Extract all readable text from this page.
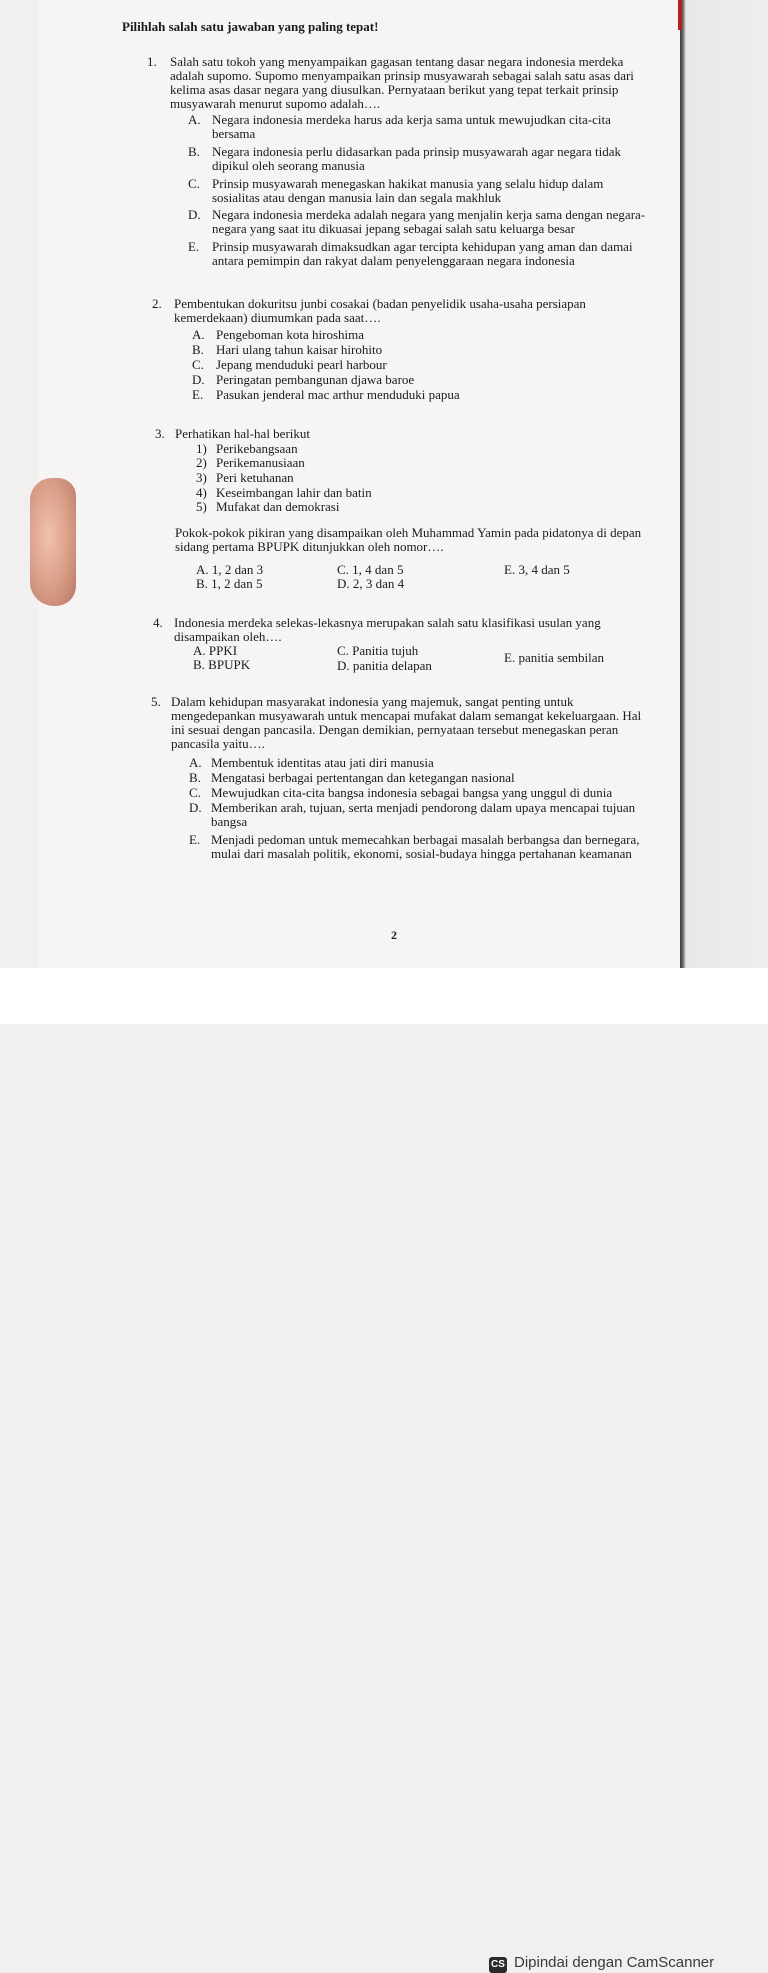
Pilihlah salah satu jawaban yang paling tepat!
1. Salah satu tokoh yang menyampaikan gagasan tentang dasar negara indonesia merdeka
adalah supomo. Supomo menyampaikan prinsip musyawarah sebagai salah satu asas dari
kelima asas dasar negara yang diusulkan. Pernyataan berikut yang tepat terkait prinsip
musyawarah menurut supomo adalah….
A. Negara indonesia merdeka harus ada kerja sama untuk mewujudkan cita-cita
bersama
B. Negara indonesia perlu didasarkan pada prinsip musyawarah agar negara tidak
dipikul oleh seorang manusia
C. Prinsip musyawarah menegaskan hakikat manusia yang selalu hidup dalam
sosialitas atau dengan manusia lain dan segala makhluk
D. Negara indonesia merdeka adalah negara yang menjalin kerja sama dengan negara-
negara yang saat itu dikuasai jepang sebagai salah satu keluarga besar
E. Prinsip musyawarah dimaksudkan agar tercipta kehidupan yang aman dan damai
antara pemimpin dan rakyat dalam penyelenggaraan negara indonesia
2. Pembentukan dokuritsu junbi cosakai (badan penyelidik usaha-usaha persiapan
kemerdekaan) diumumkan pada saat….
A. Pengeboman kota hiroshima
B. Hari ulang tahun kaisar hirohito
C. Jepang menduduki pearl harbour
D. Peringatan pembangunan djawa baroe
E. Pasukan jenderal mac arthur menduduki papua
3. Perhatikan hal-hal berikut
1) Perikebangsaan
2) Perikemanusiaan
3) Peri ketuhanan
4) Keseimbangan lahir dan batin
5) Mufakat dan demokrasi
Pokok-pokok pikiran yang disampaikan oleh Muhammad Yamin pada pidatonya di depan
sidang pertama BPUPK ditunjukkan oleh nomor….
A. 1, 2 dan 3	C. 1, 4 dan 5	E. 3, 4 dan 5
B. 1, 2 dan 5	D. 2, 3 dan 4
4. Indonesia merdeka selekas-lekasnya merupakan salah satu klasifikasi usulan yang
disampaikan oleh….
A. PPKI	C. Panitia tujuh	E. panitia sembilan
B. BPUPK	D. panitia delapan
5. Dalam kehidupan masyarakat indonesia yang majemuk, sangat penting untuk
mengedepankan musyawarah untuk mencapai mufakat dalam semangat kekeluargaan. Hal
ini sesuai dengan pancasila. Dengan demikian, pernyataan tersebut menegaskan peran
pancasila yaitu….
A. Membentuk identitas atau jati diri manusia
B. Mengatasi berbagai pertentangan dan ketegangan nasional
C. Mewujudkan cita-cita bangsa indonesia sebagai bangsa yang unggul di dunia
D. Memberikan arah, tujuan, serta menjadi pendorong dalam upaya mencapai tujuan
bangsa
E. Menjadi pedoman untuk memecahkan berbagai masalah berbangsa dan bernegara,
mulai dari masalah politik, ekonomi, sosial-budaya hingga pertahanan keamanan
2
CS Dipindai dengan CamScanner
